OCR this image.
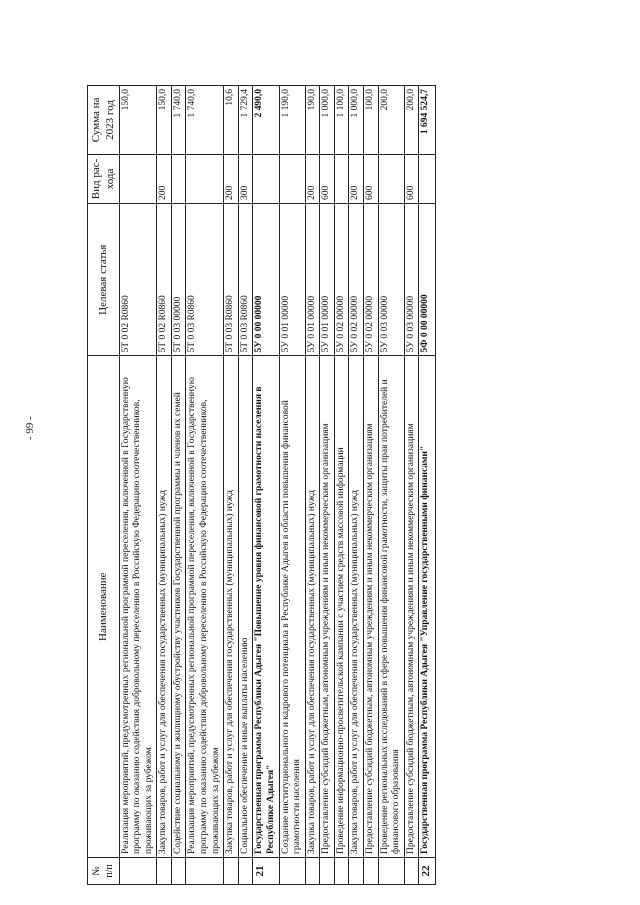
- 99 -
№ п/п	Наименование	Целевая статья	Вид рас- хода	Сумма на 2023 год
	Реализация мероприятий, предусмотренных региональной программой переселения, включенной в Государственную программу по оказанию содействия добровольному переселению в Российскую Федерацию соотечественников, проживающих за рубежом	5Т 0 02 R0860		150,0
	Закупка товаров, работ и услуг для обеспечения государственных (муниципальных) нужд	5Т 0 02 R0860	200	150,0
	Содействие социальному и жилищному обустройству участников Государственной программы и членов их семей	5Т 0 03 00000		1 740,0
	Реализация мероприятий, предусмотренных региональной программой переселения, включенной в Государственную программу по оказанию содействия добровольному переселению в Российскую Федерацию соотечественников, проживающих за рубежом	5Т 0 03 R0860		1 740,0
	Закупка товаров, работ и услуг для обеспечения государственных (муниципальных) нужд	5Т 0 03 R0860	200	10,6
	Социальное обеспечение и иные выплаты населению	5Т 0 03 R0860	300	1 729,4
21	Государственная программа Республики Адыгея "Повышение уровня финансовой грамотности населения в Республике Адыгея"	5У 0 00 00000		2 490,0
	Создание институционального и кадрового потенциала в Республике Адыгея в области повышения финансовой грамотности населения	5У 0 01 00000		1 190,0
	Закупка товаров, работ и услуг для обеспечения государственных (муниципальных) нужд	5У 0 01 00000	200	190,0
	Предоставление субсидий бюджетным, автономным учреждениям и иным некоммерческим организациям	5У 0 01 00000	600	1 000,0
	Проведение информационно-просветительской кампании с участием средств массовой информации	5У 0 02 00000		1 100,0
	Закупка товаров, работ и услуг для обеспечения государственных (муниципальных) нужд	5У 0 02 00000	200	1 000,0
	Предоставление субсидий бюджетным, автономным учреждениям и иным некоммерческим организациям	5У 0 02 00000	600	100,0
	Проведение региональных исследований в сфере повышения финансовой грамотности, защиты прав потребителей и финансового образования	5У 0 03 00000		200,0
	Предоставление субсидий бюджетным, автономным учреждениям и иным некоммерческим организациям	5У 0 03 00000	600	200,0
22	Государственная программа Республики Адыгея "Управление государственными финансами"	5Ф 0 00 00000		1 694 524,7
